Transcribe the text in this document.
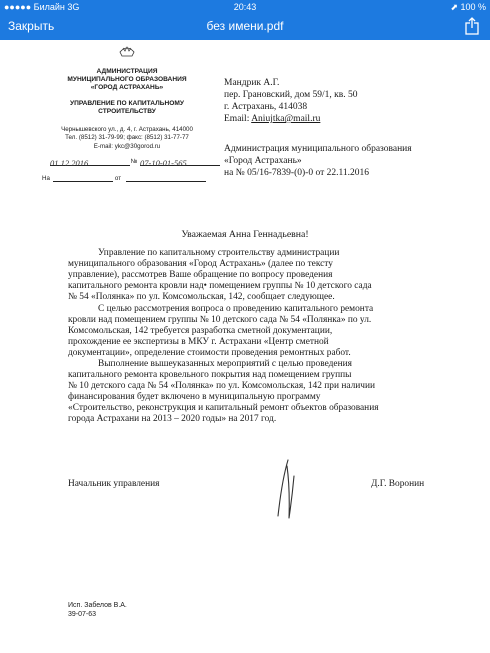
●●●●● Билайн 3G	20:43	⬈ 100 %
Закрыть	без имени.pdf
АДМИНИСТРАЦИЯ
МУНИЦИПАЛЬНОГО ОБРАЗОВАНИЯ
«ГОРОД АСТРАХАНЬ»
УПРАВЛЕНИЕ ПО КАПИТАЛЬНОМУ
СТРОИТЕЛЬСТВУ
Чернышевского ул., д. 4, г. Астрахань, 414000
Тел. (8512) 31-79-99; факс: (8512) 31-77-77
E-mail: ykc@30gorod.ru
01.12.2016	№ 07-10-01-565
На	от
Мандрик А.Г.
пер. Грановский, дом 59/1, кв. 50
г. Астрахань, 414038
Email: Aniujtka@mail.ru
Администрация муниципального образования
«Город Астрахань»
на № 05/16-7839-(0)-0 от 22.11.2016
Уважаемая Анна Геннадьевна!
Управление по капитальному строительству администрации
муниципального образования «Город Астрахань» (далее по тексту
управление), рассмотрев Ваше обращение по вопросу проведения
капитального ремонта кровли над• помещением группы № 10 детского сада
№ 54 «Полянка» по ул. Комсомольская, 142, сообщает следующее.
С целью рассмотрения вопроса о проведению капитального ремонта
кровли над помещением группы № 10 детского сада № 54 «Полянка» по ул.
Комсомольская, 142 требуется разработка сметной документации,
прохождение ее экспертизы в МКУ г. Астрахани «Центр сметной
документации», определение стоимости проведения ремонтных работ.
Выполнение вышеуказанных мероприятий с целью проведения
капитального ремонта кровельного покрытия над помещением группы
№ 10 детского сада № 54 «Полянка» по ул. Комсомольская, 142 при наличии
финансирования будет включено в муниципальную программу
«Строительство, реконструкция и капитальный ремонт объектов образования
города Астрахани на 2013 – 2020 годы» на 2017 год.
Начальник управления	Д.Г. Воронин
Исп. Забелов В.А.
39-07-63
